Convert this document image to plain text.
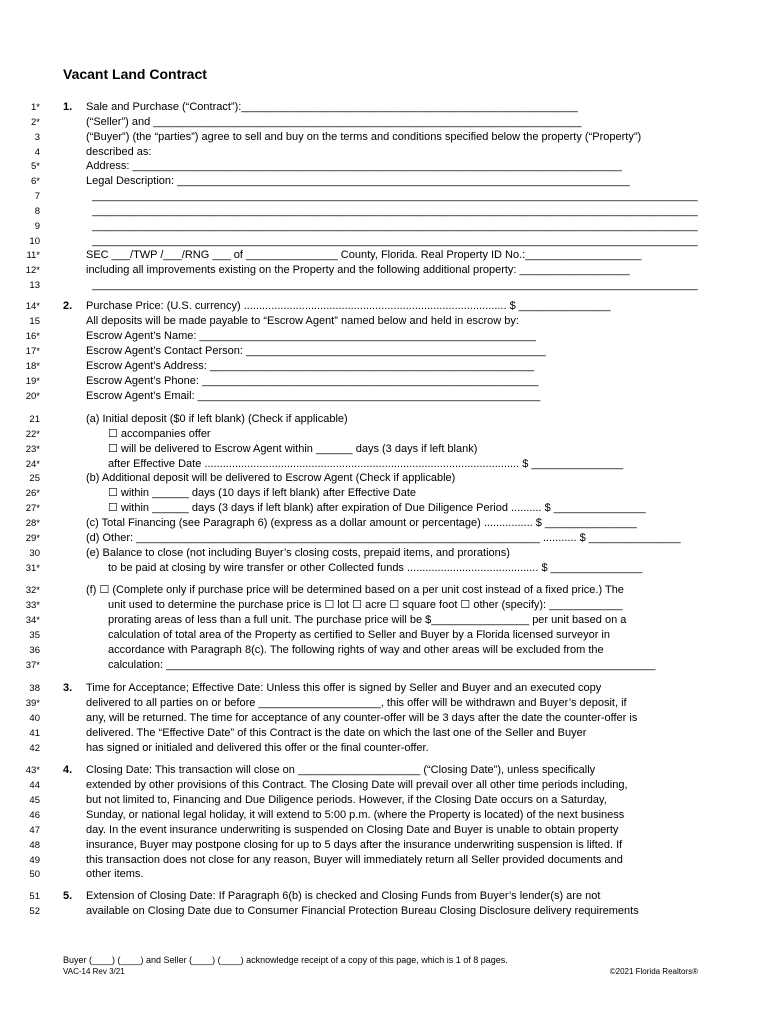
Vacant Land Contract
1* 1. Sale and Purchase (“Contract”):_______________________________________________________
2*	(“Seller”) and ______________________________________________________________________
3	(“Buyer”) (the “parties”) agree to sell and buy on the terms and conditions specified below the property (“Property”)
4	described as:
5*	Address: ________________________________________________________________________________
6*	Legal Description: __________________________________________________________________________
7	___________________________________________________________________________________________________
8	___________________________________________________________________________________________________
9	___________________________________________________________________________________________________
10	___________________________________________________________________________________________________
11*	SEC ___/TWP /___/RNG ___ of _______________ County, Florida. Real Property ID No.:___________________
12*	including all improvements existing on the Property and the following additional property: __________________
13	___________________________________________________________________________________________________
14* 2. Purchase Price: (U.S. currency) ...................................................................................... $ _______________
15	All deposits will be made payable to “Escrow Agent” named below and held in escrow by:
16*	Escrow Agent’s Name: _______________________________________________________
17*	Escrow Agent’s Contact Person: _________________________________________________
18*	Escrow Agent’s Address: _____________________________________________________
19*	Escrow Agent’s Phone: _______________________________________________________
20*	Escrow Agent’s Email: ________________________________________________________
21	(a) Initial deposit ($0 if left blank) (Check if applicable)
22*	☐ accompanies offer
23*	☐ will be delivered to Escrow Agent within ______ days (3 days if left blank)
24*	after Effective Date ....................................................................................................... $ _______________
25	(b) Additional deposit will be delivered to Escrow Agent (Check if applicable)
26*	☐ within ______ days (10 days if left blank) after Effective Date
27*	☐ within ______ days (3 days if left blank) after expiration of Due Diligence Period .......... $ _______________
28*	(c) Total Financing (see Paragraph 6) (express as a dollar amount or percentage) ................ $ _______________
29*	(d) Other: __________________________________________________________________ ........... $ _______________
30	(e) Balance to close (not including Buyer’s closing costs, prepaid items, and prorations)
31*	to be paid at closing by wire transfer or other Collected funds ........................................... $ _______________
32*	(f) ☐ (Complete only if purchase price will be determined based on a per unit cost instead of a fixed price.) The
33*	unit used to determine the purchase price is ☐ lot ☐ acre ☐ square foot ☐ other (specify): ____________
34*	prorating areas of less than a full unit. The purchase price will be $________________ per unit based on a
35	calculation of total area of the Property as certified to Seller and Buyer by a Florida licensed surveyor in
36	accordance with Paragraph 8(c). The following rights of way and other areas will be excluded from the
37*	calculation: ________________________________________________________________________________
38 3. Time for Acceptance; Effective Date: Unless this offer is signed by Seller and Buyer and an executed copy
39*	delivered to all parties on or before ____________________, this offer will be withdrawn and Buyer’s deposit, if
40	any, will be returned. The time for acceptance of any counter-offer will be 3 days after the date the counter-offer is
41	delivered. The “Effective Date” of this Contract is the date on which the last one of the Seller and Buyer
42	has signed or initialed and delivered this offer or the final counter-offer.
43* 4. Closing Date: This transaction will close on ____________________ (“Closing Date”), unless specifically
44	extended by other provisions of this Contract. The Closing Date will prevail over all other time periods including,
45	but not limited to, Financing and Due Diligence periods. However, if the Closing Date occurs on a Saturday,
46	Sunday, or national legal holiday, it will extend to 5:00 p.m. (where the Property is located) of the next business
47	day. In the event insurance underwriting is suspended on Closing Date and Buyer is unable to obtain property
48	insurance, Buyer may postpone closing for up to 5 days after the insurance underwriting suspension is lifted. If
49	this transaction does not close for any reason, Buyer will immediately return all Seller provided documents and
50	other items.
51 5. Extension of Closing Date: If Paragraph 6(b) is checked and Closing Funds from Buyer’s lender(s) are not
52	available on Closing Date due to Consumer Financial Protection Bureau Closing Disclosure delivery requirements
Buyer (____) (____) and Seller (____) (____) acknowledge receipt of a copy of this page, which is 1 of 8 pages.
VAC-14 Rev 3/21	©2021 Florida Realtors®
